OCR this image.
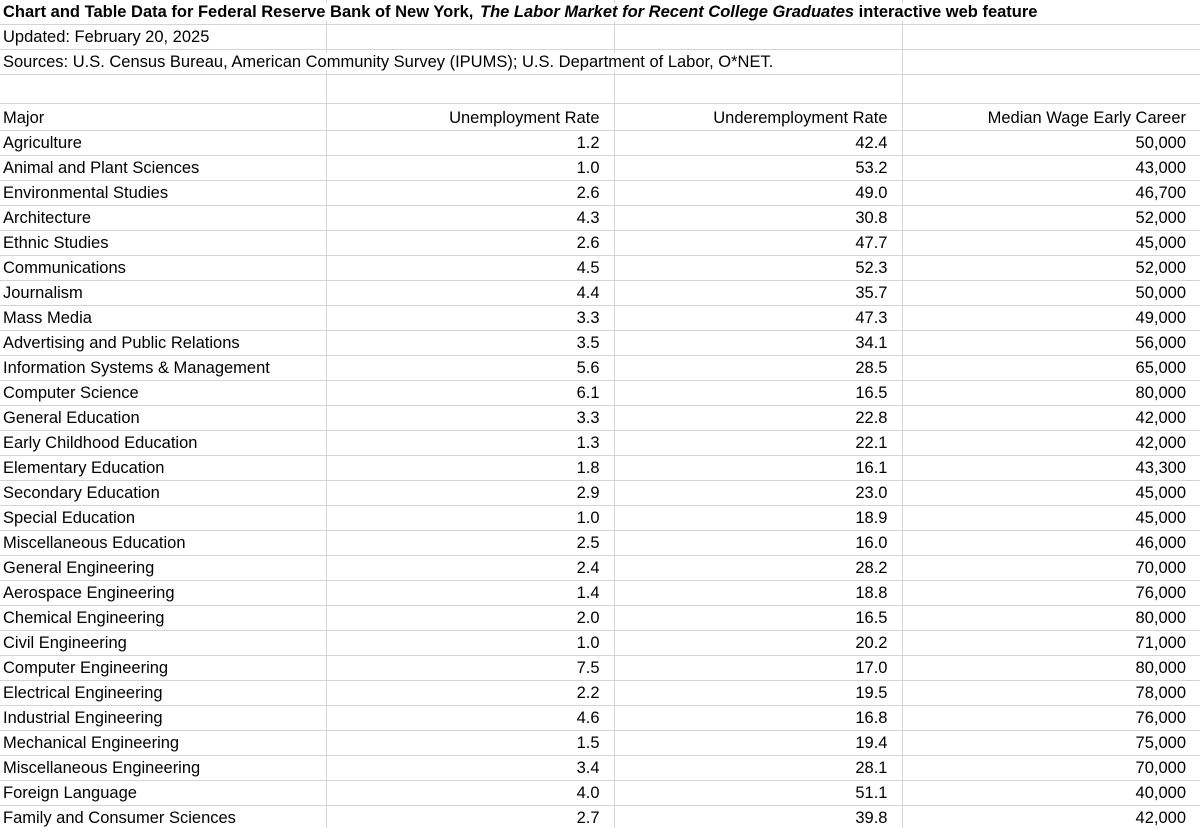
Chart and Table Data for Federal Reserve Bank of New York, The Labor Market for Recent College Graduates interactive web feature			
Updated: February 20, 2025			
Sources: U.S. Census Bureau, American Community Survey (IPUMS); U.S. Department of Labor, O*NET.			

Major	Unemployment Rate	Underemployment Rate	Median Wage Early Career
Agriculture	1.2	42.4	50,000
Animal and Plant Sciences	1.0	53.2	43,000
Environmental Studies	2.6	49.0	46,700
Architecture	4.3	30.8	52,000
Ethnic Studies	2.6	47.7	45,000
Communications	4.5	52.3	52,000
Journalism	4.4	35.7	50,000
Mass Media	3.3	47.3	49,000
Advertising and Public Relations	3.5	34.1	56,000
Information Systems & Management	5.6	28.5	65,000
Computer Science	6.1	16.5	80,000
General Education	3.3	22.8	42,000
Early Childhood Education	1.3	22.1	42,000
Elementary Education	1.8	16.1	43,300
Secondary Education	2.9	23.0	45,000
Special Education	1.0	18.9	45,000
Miscellaneous Education	2.5	16.0	46,000
General Engineering	2.4	28.2	70,000
Aerospace Engineering	1.4	18.8	76,000
Chemical Engineering	2.0	16.5	80,000
Civil Engineering	1.0	20.2	71,000
Computer Engineering	7.5	17.0	80,000
Electrical Engineering	2.2	19.5	78,000
Industrial Engineering	4.6	16.8	76,000
Mechanical Engineering	1.5	19.4	75,000
Miscellaneous Engineering	3.4	28.1	70,000
Foreign Language	4.0	51.1	40,000
Family and Consumer Sciences	2.7	39.8	42,000
